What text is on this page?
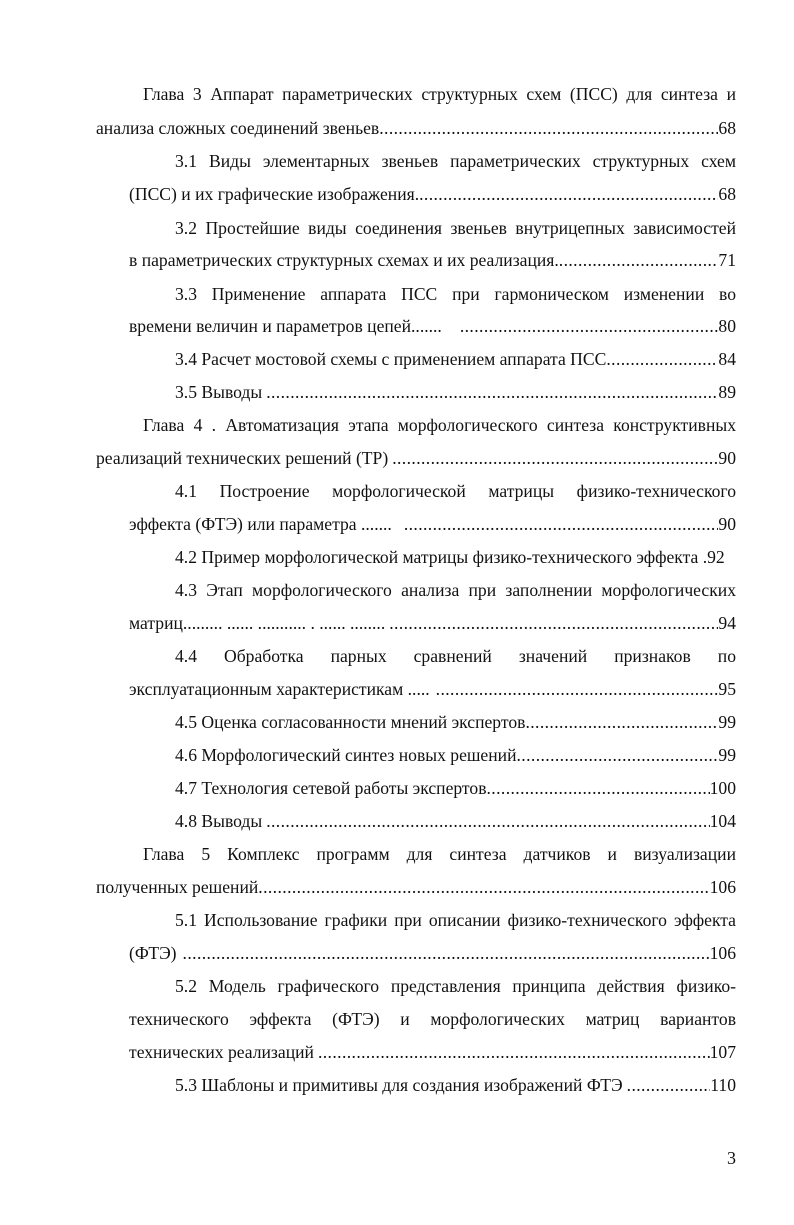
Глава 3 Аппарат параметрических структурных схем (ПСС) для синтеза и
анализа сложных соединений звеньев .....	68
3.1 Виды элементарных звеньев параметрических структурных схем
(ПСС) и их графические изображения. .....	68
3.2 Простейшие виды соединения звеньев внутрицепных зависимостей
в параметрических структурных схемах и их реализация. .....	71
3.3 Применение аппарата ПСС при гармоническом изменении во
времени величин и параметров цепей....... .....	80
3.4 Расчет мостовой схемы с применением аппарата ПСС .....	84
3.5 Выводы .....	89
Глава 4 . Автоматизация этапа морфологического синтеза конструктивных
реализаций технических решений (ТР) .....	90
4.1 Построение морфологической матрицы физико-технического
эффекта (ФТЭ) или параметра ....... .....	90
4.2 Пример морфологической матрицы физико-технического эффекта .92
4.3 Этап морфологического анализа при заполнении морфологических
матриц......... ...... ........... . ...... ........ .....	94
4.4 Обработка парных сравнений значений признаков по
эксплуатационным характеристикам ..... .....	95
4.5 Оценка согласованности мнений экспертов .....	99
4.6 Морфологический синтез новых решений .....	99
4.7 Технология сетевой работы экспертов .....	100
4.8 Выводы .....	104
Глава 5 Комплекс программ для синтеза датчиков и визуализации
полученных решений .....	106
5.1 Использование графики при описании физико-технического эффекта
(ФТЭ) .....	106
5.2 Модель графического представления принципа действия физико-
технического эффекта (ФТЭ) и морфологических матриц вариантов
технических реализаций .....	107
5.3 Шаблоны и примитивы для создания изображений ФТЭ .....	110
3
